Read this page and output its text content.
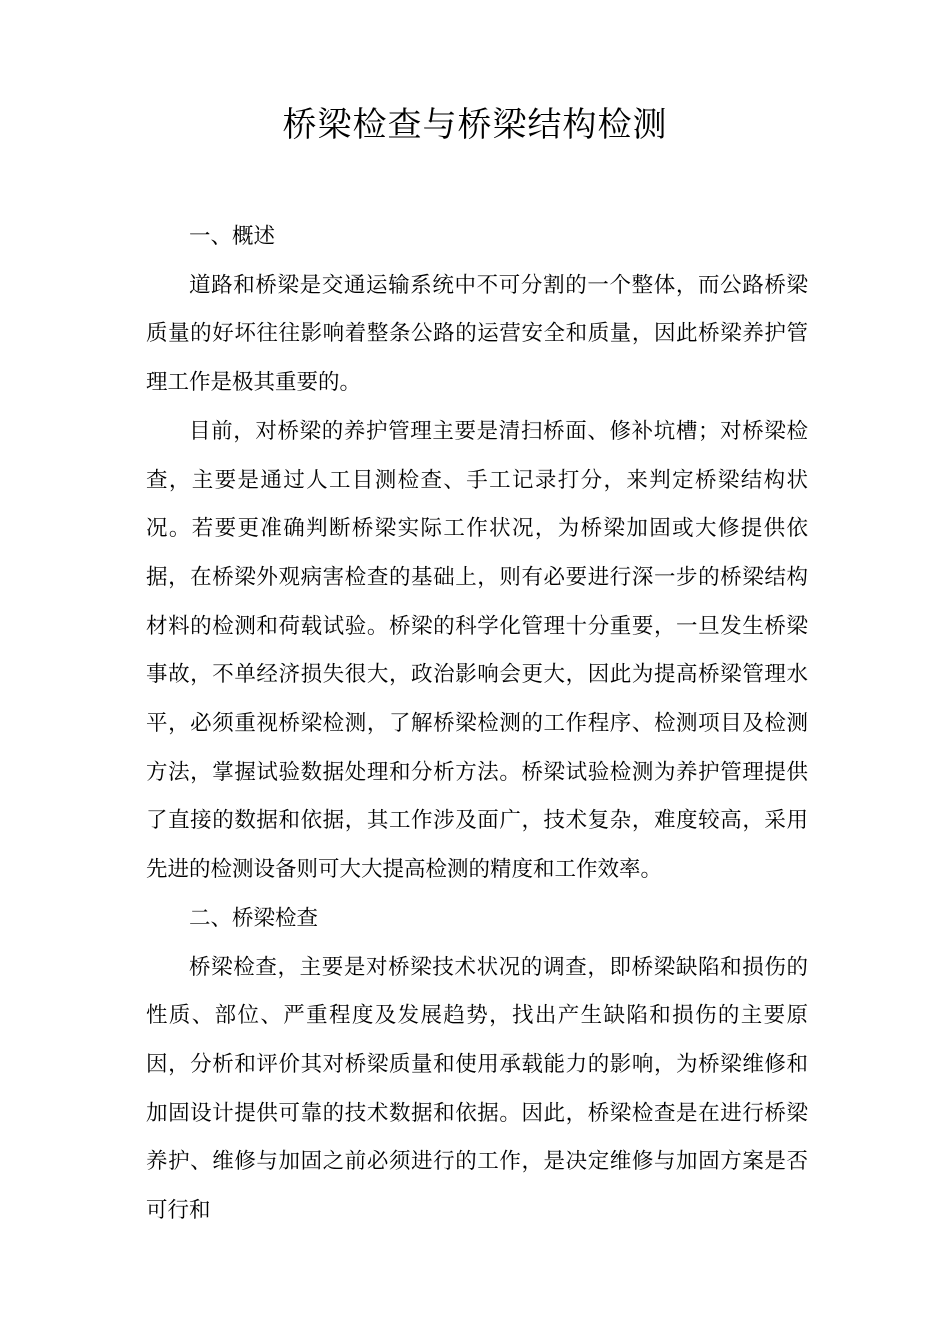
桥梁检查与桥梁结构检测
一、概述

道路和桥梁是交通运输系统中不可分割的一个整体，而公路桥梁质量的好坏往往影响着整条公路的运营安全和质量，因此桥梁养护管理工作是极其重要的。

目前，对桥梁的养护管理主要是清扫桥面、修补坑槽；对桥梁检查，主要是通过人工目测检查、手工记录打分，来判定桥梁结构状况。若要更准确判断桥梁实际工作状况，为桥梁加固或大修提供依据，在桥梁外观病害检查的基础上，则有必要进行深一步的桥梁结构材料的检测和荷载试验。桥梁的科学化管理十分重要，一旦发生桥梁事故，不单经济损失很大，政治影响会更大，因此为提高桥梁管理水平，必须重视桥梁检测，了解桥梁检测的工作程序、检测项目及检测方法，掌握试验数据处理和分析方法。桥梁试验检测为养护管理提供了直接的数据和依据，其工作涉及面广，技术复杂，难度较高，采用先进的检测设备则可大大提高检测的精度和工作效率。

二、桥梁检查

桥梁检查，主要是对桥梁技术状况的调查，即桥梁缺陷和损伤的性质、部位、严重程度及发展趋势，找出产生缺陷和损伤的主要原因，分析和评价其对桥梁质量和使用承载能力的影响，为桥梁维修和加固设计提供可靠的技术数据和依据。因此，桥梁检查是在进行桥梁养护、维修与加固之前必须进行的工作，是决定维修与加固方案是否可行和
